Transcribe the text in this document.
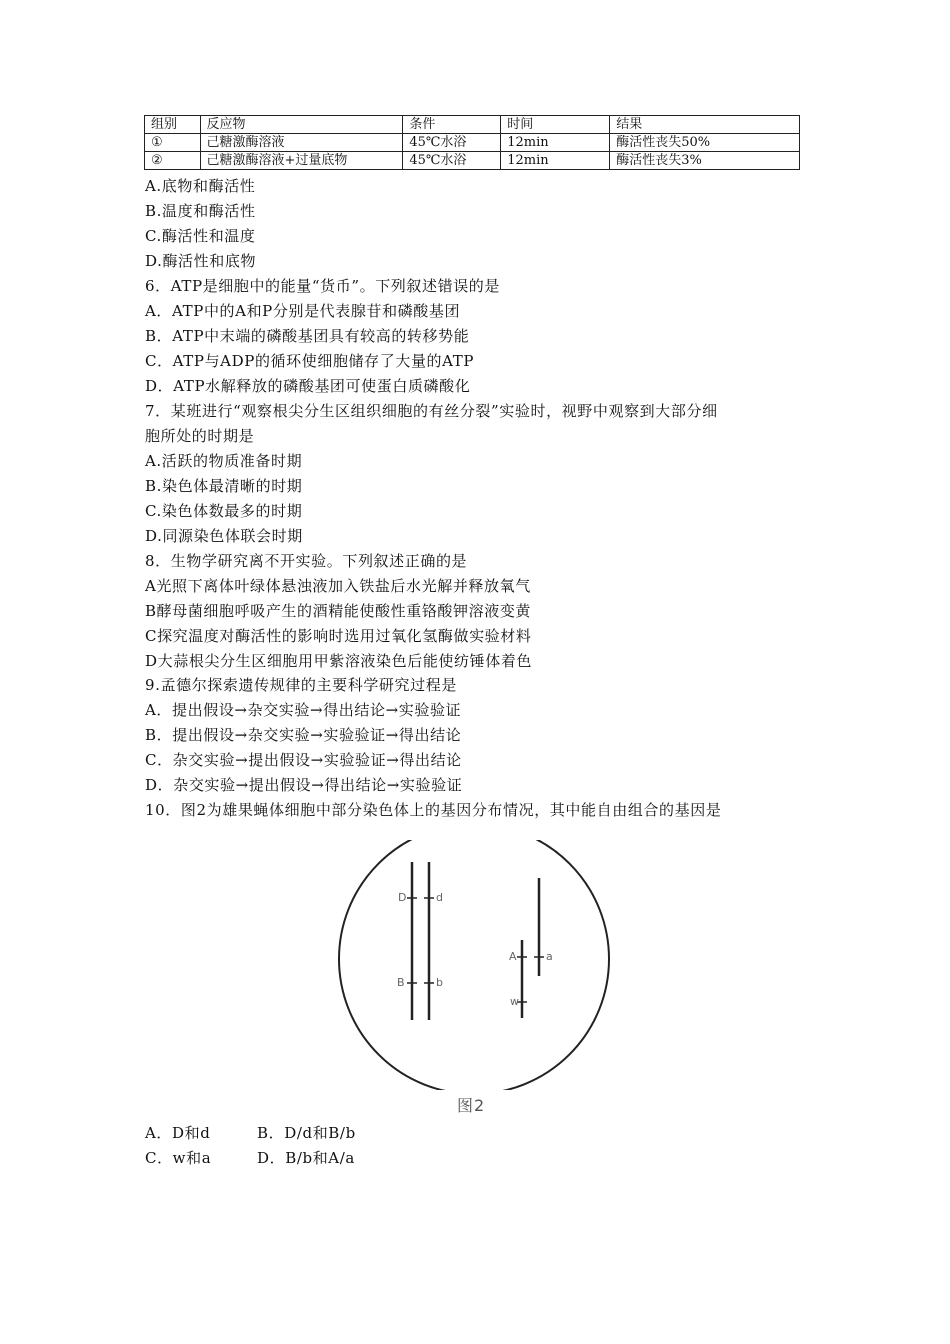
组别	反应物	条件	时间	结果
①	己糖激酶溶液	45℃水浴	12min	酶活性丧失50%
②	己糖激酶溶液+过量底物	45℃水浴	12min	酶活性丧失3%
A.底物和酶活性
B.温度和酶活性
C.酶活性和温度
D.酶活性和底物
6．ATP是细胞中的能量“货币”。下列叙述错误的是
A．ATP中的A和P分别是代表腺苷和磷酸基团
B．ATP中末端的磷酸基团具有较高的转移势能
C．ATP与ADP的循环使细胞储存了大量的ATP
D．ATP水解释放的磷酸基团可使蛋白质磷酸化
7．某班进行“观察根尖分生区组织细胞的有丝分裂”实验时，视野中观察到大部分细
胞所处的时期是
A.活跃的物质准备时期
B.染色体最清晰的时期
C.染色体数最多的时期
D.同源染色体联会时期
8．生物学研究离不开实验。下列叙述正确的是
A光照下离体叶绿体悬浊液加入铁盐后水光解并释放氧气
B酵母菌细胞呼吸产生的酒精能使酸性重铬酸钾溶液变黄
C探究温度对酶活性的影响时选用过氧化氢酶做实验材料
D大蒜根尖分生区细胞用甲紫溶液染色后能使纺锤体着色
9.孟德尔探索遗传规律的主要科学研究过程是
A．提出假设→杂交实验→得出结论→实验验证
B．提出假设→杂交实验→实验验证→得出结论
C．杂交实验→提出假设→实验验证→得出结论
D．杂交实验→提出假设→得出结论→实验验证
10．图2为雄果蝇体细胞中部分染色体上的基因分布情况，其中能自由组合的基因是
D	d
B	b
A	a
w
图2
A．D和d	B．D/d和B/b
C．w和a	D．B/b和A/a
